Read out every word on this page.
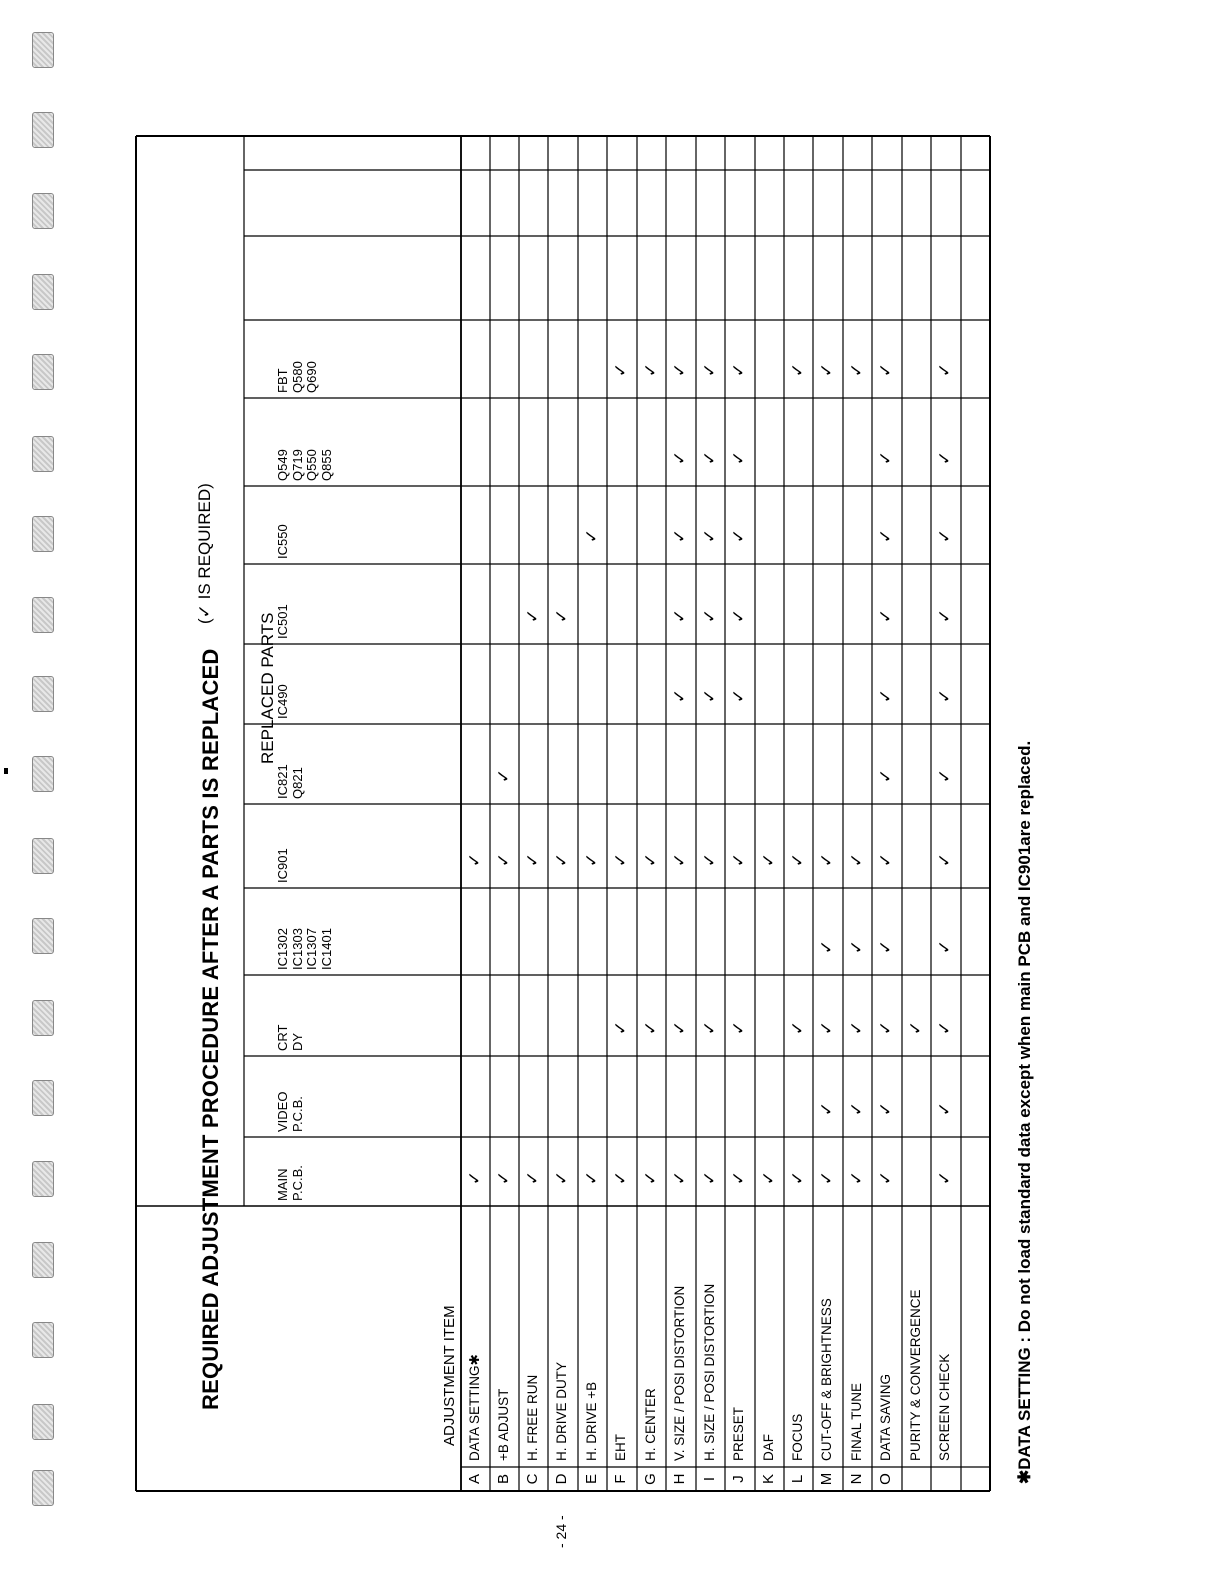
REQUIRED ADJUSTMENT PROCEDURE AFTER A PARTS IS REPLACED
(✓ IS REQUIRED)
- 24 -
REPLACED PARTS
ADJUSTMENT ITEM
MAIN
P.C.B.
VIDEO
P.C.B.
CRT
DY
IC1302
IC1303
IC1307
IC1401
IC901
IC821
Q821
IC490
IC501
IC550
Q549
Q719
Q550
Q855
FBT
Q580
Q690
A
DATA SETTING✱
✓
✓
B
+B ADJUST
✓
✓
✓
C
H. FREE RUN
✓
✓
✓
D
H. DRIVE DUTY
✓
✓
✓
E
H. DRIVE +B
✓
✓
✓
F
EHT
✓
✓
✓
✓
G
H. CENTER
✓
✓
✓
✓
H
V. SIZE / POSI DISTORTION
✓
✓
✓
✓
✓
✓
✓
✓
I
H. SIZE / POSI DISTORTION
✓
✓
✓
✓
✓
✓
✓
✓
J
PRESET
✓
✓
✓
✓
✓
✓
✓
✓
K
DAF
✓
✓
L
FOCUS
✓
✓
✓
✓
M
CUT-OFF & BRIGHTNESS
✓
✓
✓
✓
✓
✓
N
FINAL TUNE
✓
✓
✓
✓
✓
✓
O
DATA SAVING
✓
✓
✓
✓
✓
✓
✓
✓
✓
✓
✓
PURITY & CONVERGENCE
✓
SCREEN CHECK
✓
✓
✓
✓
✓
✓
✓
✓
✓
✓
✓
✱DATA SETTING : Do not load standard data except when main PCB and IC901are replaced.
